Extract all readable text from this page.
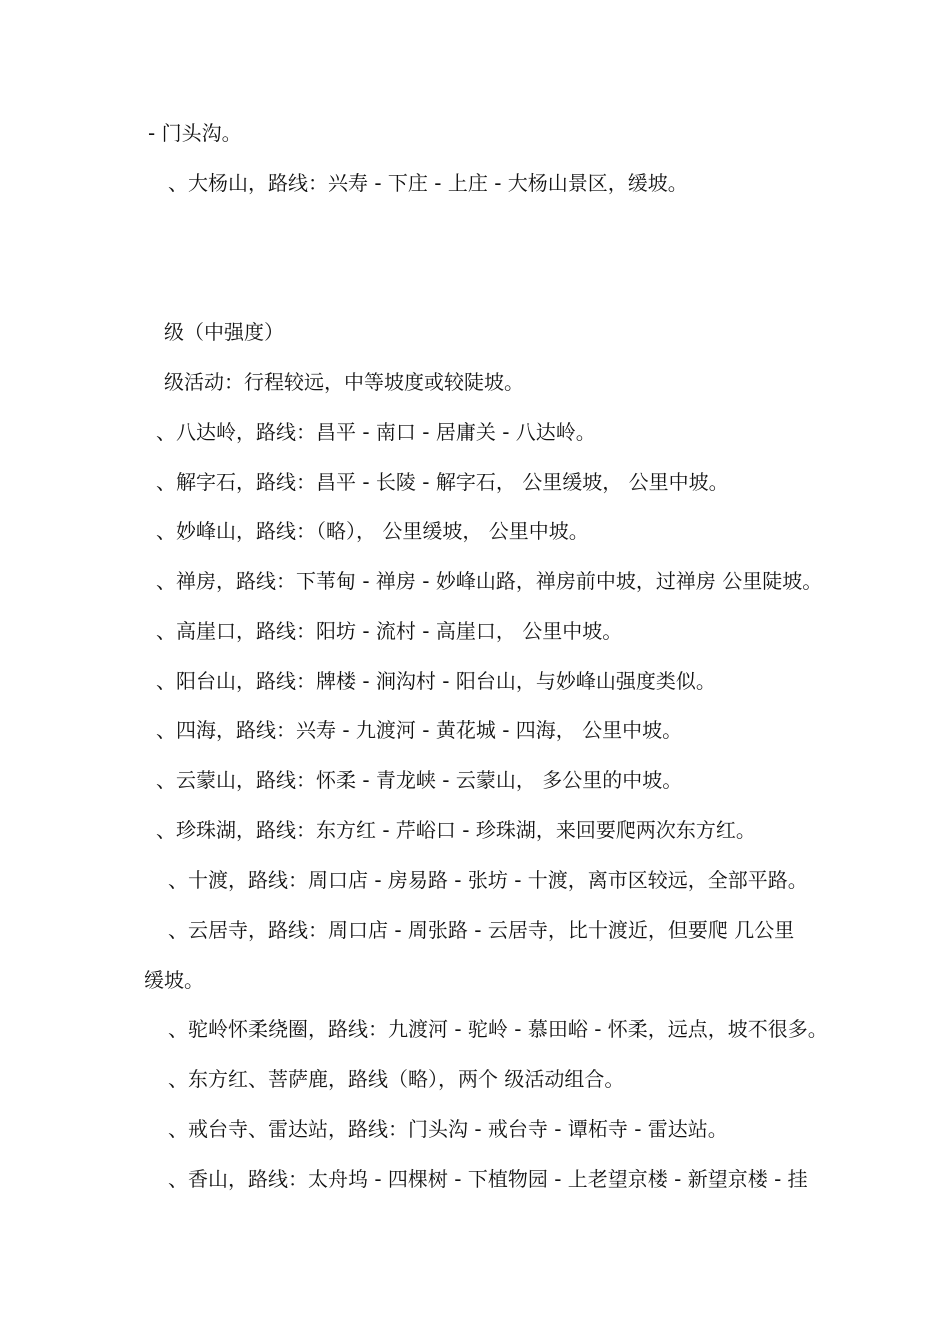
- 门头沟。
、大杨山，路线：兴寿 - 下庄 - 上庄 - 大杨山景区，缓坡。
级（中强度）
级活动：行程较远，中等坡度或较陡坡。
、八达岭，路线：昌平 - 南口 - 居庸关 - 八达岭。
、解字石，路线：昌平 - 长陵 - 解字石， 公里缓坡， 公里中坡。
、妙峰山，路线：（略）， 公里缓坡， 公里中坡。
、禅房，路线：下苇甸 - 禅房 - 妙峰山路，禅房前中坡，过禅房 公里陡坡。
、高崖口，路线：阳坊 - 流村 - 高崖口， 公里中坡。
、阳台山，路线：牌楼 - 涧沟村 - 阳台山，与妙峰山强度类似。
、四海，路线：兴寿 - 九渡河 - 黄花城 - 四海， 公里中坡。
、云蒙山，路线：怀柔 - 青龙峡 - 云蒙山， 多公里的中坡。
、珍珠湖，路线：东方红 - 芹峪口 - 珍珠湖，来回要爬两次东方红。
、十渡，路线：周口店 - 房易路 - 张坊 - 十渡，离市区较远，全部平路。
、云居寺，路线：周口店 - 周张路 - 云居寺，比十渡近，但要爬 几公里
缓坡。
、驼岭怀柔绕圈，路线：九渡河 - 驼岭 - 慕田峪 - 怀柔，远点，坡不很多。
、东方红、菩萨鹿，路线（略），两个 级活动组合。
、戒台寺、雷达站，路线：门头沟 - 戒台寺 - 谭柘寺 - 雷达站。
、香山，路线：太舟坞 - 四棵树 - 下植物园 - 上老望京楼 - 新望京楼 - 挂
